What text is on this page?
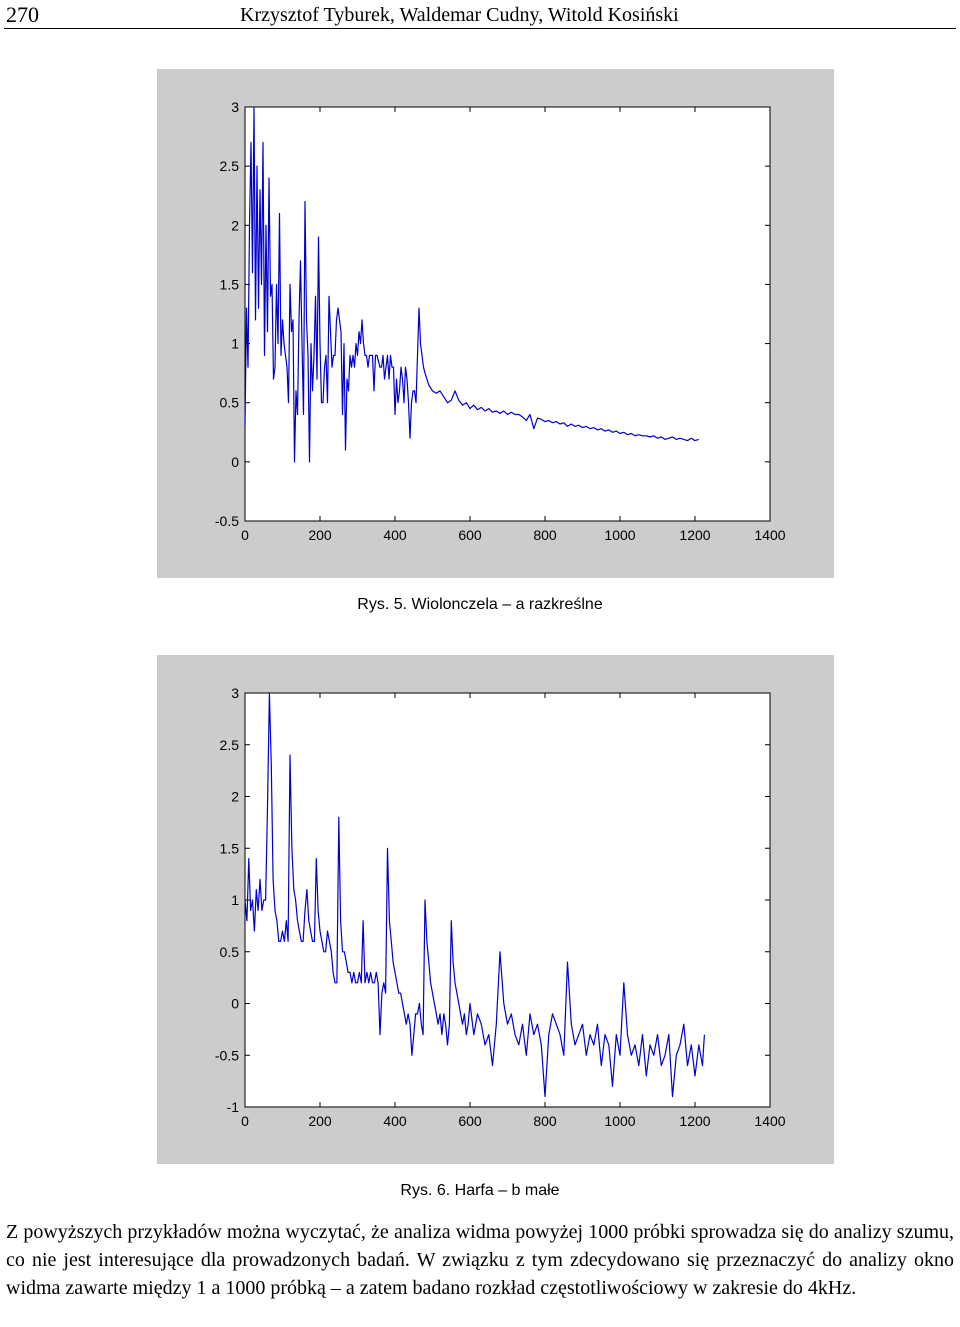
270	Krzysztof Tyburek, Waldemar Cudny, Witold Kosiński
0	200	400	600	800	1000	1200	1400
-0.5
0
0.5
1
1.5
2
2.5
3
Rys. 5. Wiolonczela – a razkreślne
0	200	400	600	800	1000	1200	1400
-1
-0.5
0
0.5
1
1.5
2
2.5
3
Rys. 6. Harfa – b małe

Z powyższych przykładów można wyczytać, że analiza widma powyżej 1000 próbki sprowadza się do analizy szumu, co nie jest interesujące dla prowadzonych badań. W związku z tym zdecydowano się przeznaczyć do analizy okno widma zawarte między 1 a 1000 próbką – a zatem badano rozkład częstotliwościowy w zakresie do 4kHz.
